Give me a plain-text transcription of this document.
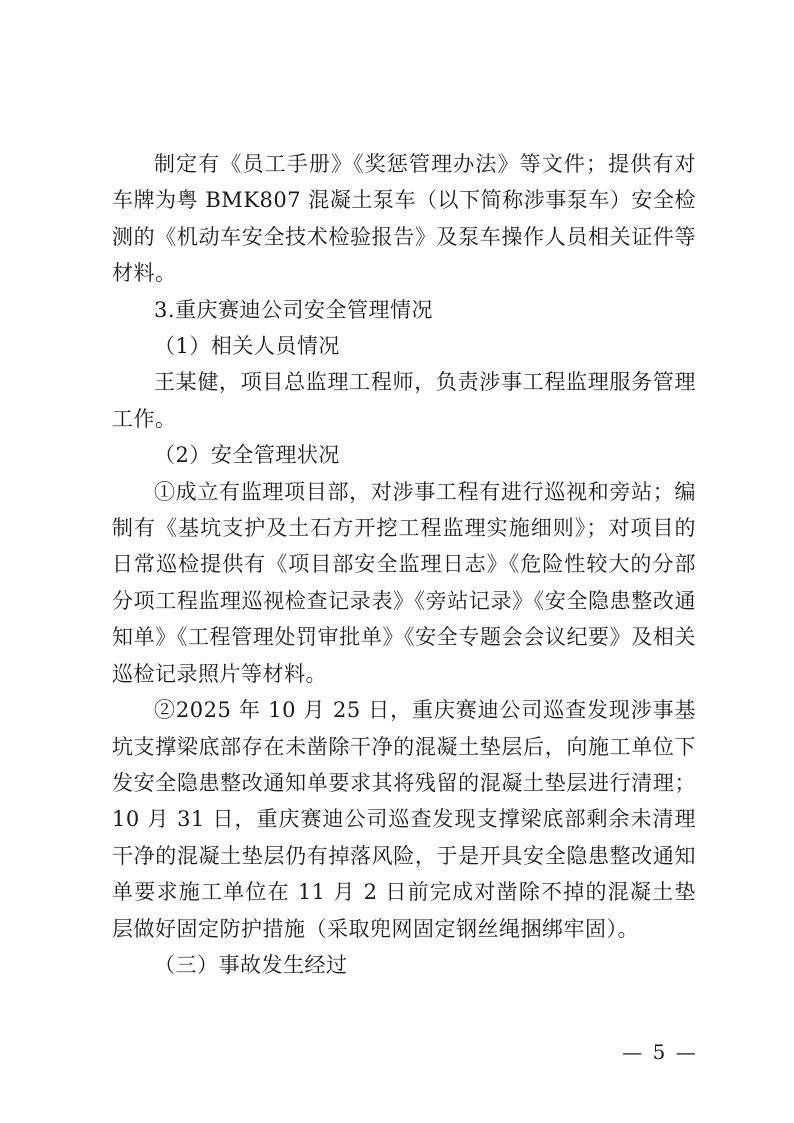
制定有《员工手册》《奖惩管理办法》等文件；提供有对车牌为粤 BMK807 混凝土泵车（以下简称涉事泵车）安全检测的《机动车安全技术检验报告》及泵车操作人员相关证件等材料。

3.重庆赛迪公司安全管理情况

（1）相关人员情况

王某健，项目总监理工程师，负责涉事工程监理服务管理工作。

（2）安全管理状况

①成立有监理项目部，对涉事工程有进行巡视和旁站；编制有《基坑支护及土石方开挖工程监理实施细则》；对项目的日常巡检提供有《项目部安全监理日志》《危险性较大的分部分项工程监理巡视检查记录表》《旁站记录》《安全隐患整改通知单》《工程管理处罚审批单》《安全专题会会议纪要》及相关巡检记录照片等材料。

②2025 年 10 月 25 日，重庆赛迪公司巡查发现涉事基坑支撑梁底部存在未凿除干净的混凝土垫层后，向施工单位下发安全隐患整改通知单要求其将残留的混凝土垫层进行清理；10 月 31 日，重庆赛迪公司巡查发现支撑梁底部剩余未清理干净的混凝土垫层仍有掉落风险，于是开具安全隐患整改通知单要求施工单位在 11 月 2 日前完成对凿除不掉的混凝土垫层做好固定防护措施（采取兜网固定钢丝绳捆绑牢固）。

（三）事故发生经过

— 5 —
